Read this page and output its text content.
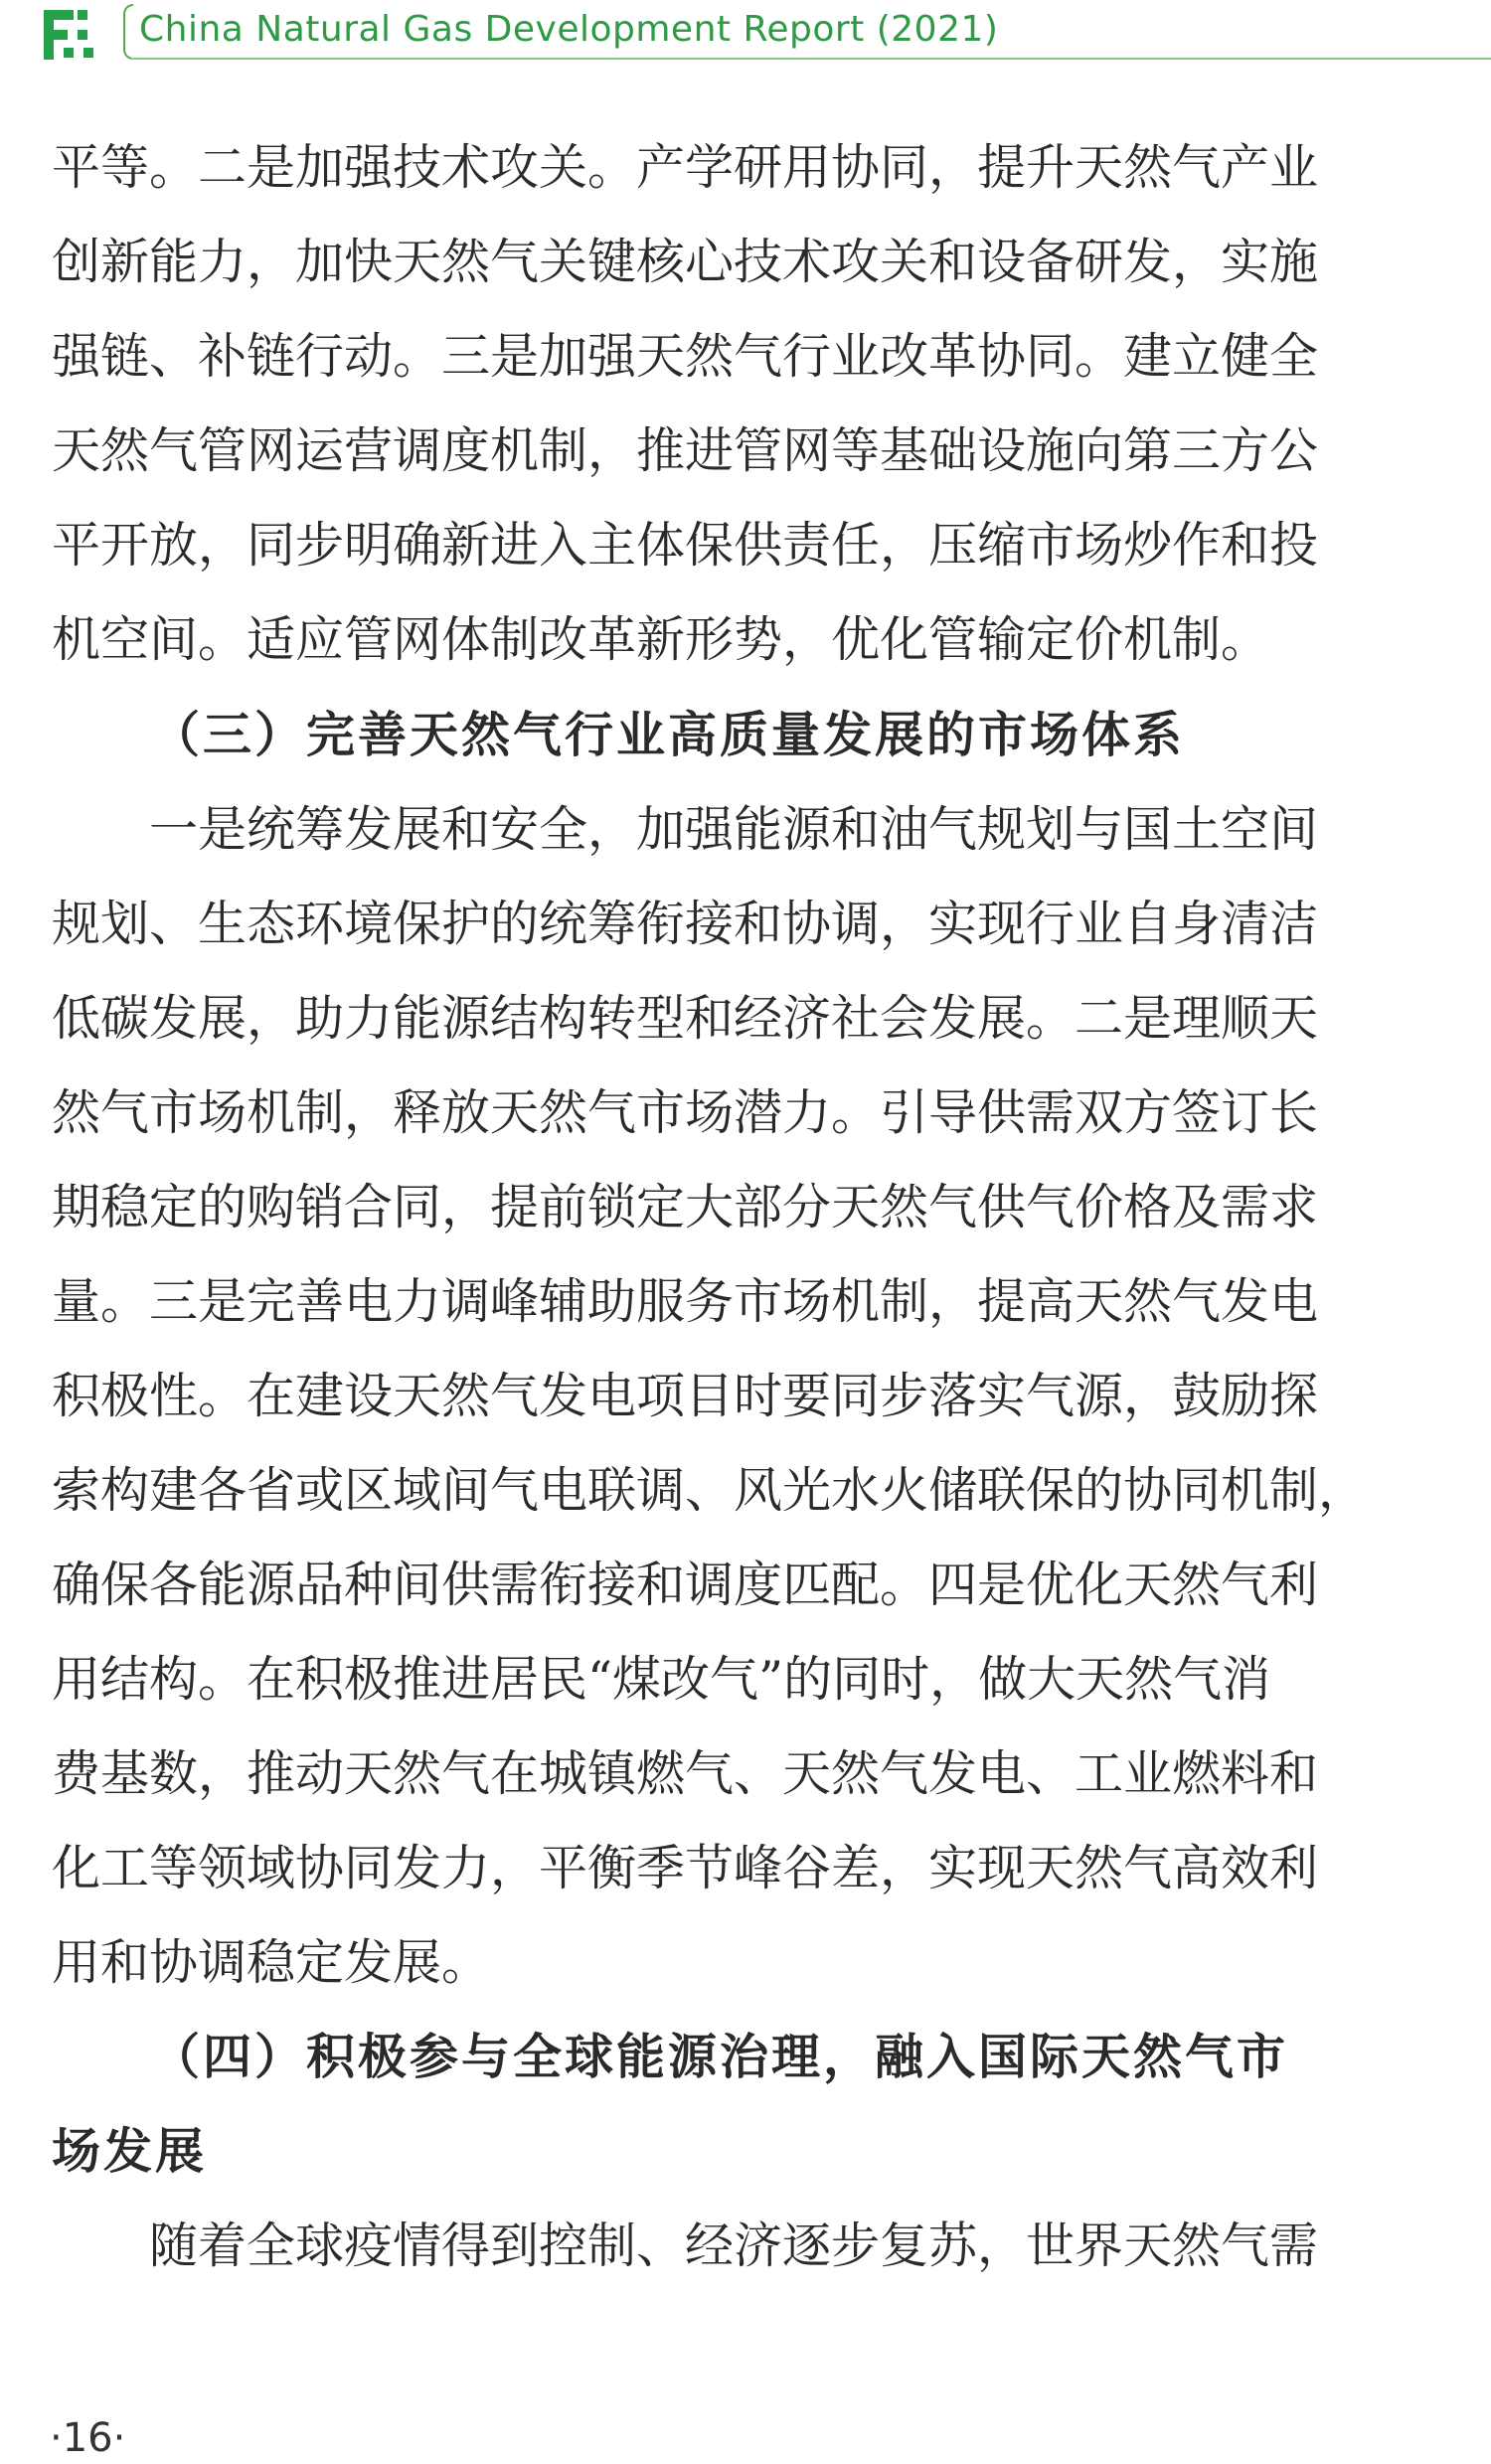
China Natural Gas Development Report (2021)
平等。二是加强技术攻关。产学研用协同，提升天然气产业
创新能力，加快天然气关键核心技术攻关和设备研发，实施
强链、补链行动。三是加强天然气行业改革协同。建立健全
天然气管网运营调度机制，推进管网等基础设施向第三方公
平开放，同步明确新进入主体保供责任，压缩市场炒作和投
机空间。适应管网体制改革新形势，优化管输定价机制。
（三）完善天然气行业高质量发展的市场体系
一是统筹发展和安全，加强能源和油气规划与国土空间
规划、生态环境保护的统筹衔接和协调，实现行业自身清洁
低碳发展，助力能源结构转型和经济社会发展。二是理顺天
然气市场机制，释放天然气市场潜力。引导供需双方签订长
期稳定的购销合同，提前锁定大部分天然气供气价格及需求
量。三是完善电力调峰辅助服务市场机制，提高天然气发电
积极性。在建设天然气发电项目时要同步落实气源，鼓励探
索构建各省或区域间气电联调、风光水火储联保的协同机制，
确保各能源品种间供需衔接和调度匹配。四是优化天然气利
用结构。在积极推进居民“煤改气”的同时，做大天然气消
费基数，推动天然气在城镇燃气、天然气发电、工业燃料和
化工等领域协同发力，平衡季节峰谷差，实现天然气高效利
用和协调稳定发展。
（四）积极参与全球能源治理，融入国际天然气市
场发展
随着全球疫情得到控制、经济逐步复苏，世界天然气需
·16·
